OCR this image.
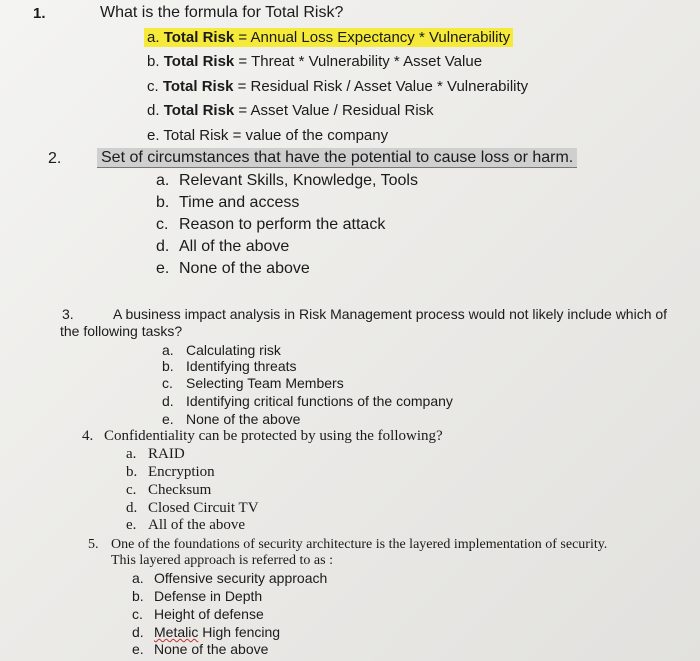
1.	What is the formula for Total Risk?
a. Total Risk = Annual Loss Expectancy * Vulnerability
b. Total Risk = Threat * Vulnerability * Asset Value
c. Total Risk = Residual Risk / Asset Value * Vulnerability
d. Total Risk = Asset Value / Residual Risk
e. Total Risk = value of the company
2. Set of circumstances that have the potential to cause loss or harm.
a. Relevant Skills, Knowledge, Tools
b. Time and access
c. Reason to perform the attack
d. All of the above
e. None of the above
3.	A business impact analysis in Risk Management process would not likely include which of
the following tasks?
a. Calculating risk
b. Identifying threats
c. Selecting Team Members
d. Identifying critical functions of the company
e. None of the above
4. Confidentiality can be protected by using the following?
a. RAID
b. Encryption
c. Checksum
d. Closed Circuit TV
e. All of the above
5. One of the foundations of security architecture is the layered implementation of security.
This layered approach is referred to as :
a. Offensive security approach
b. Defense in Depth
c. Height of defense
d. Metalic High fencing
e. None of the above
